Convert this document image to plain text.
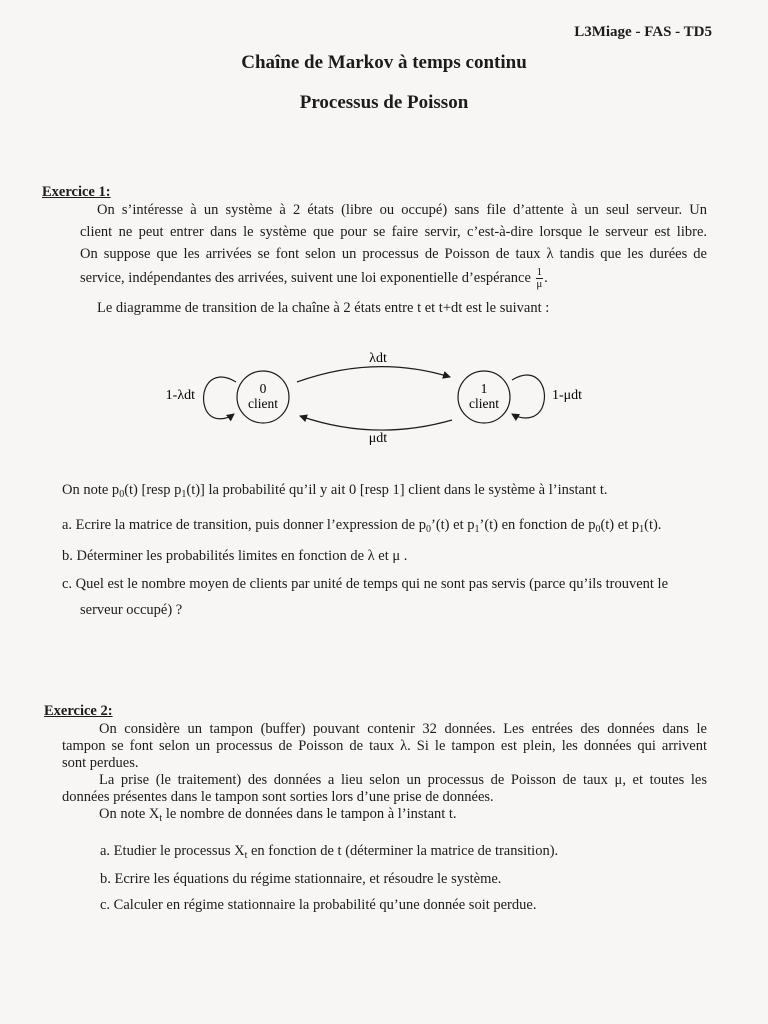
L3Miage - FAS - TD5
Chaîne de Markov à temps continu
Processus de Poisson
Exercice 1:
On s’intéresse à un système à 2 états (libre ou occupé) sans file d’attente à un seul serveur. Un
client ne peut entrer dans le système que pour se faire servir, c’est-à-dire lorsque le serveur est libre.
On suppose que les arrivées se font selon un processus de Poisson de taux λ tandis que les durées de
service, indépendantes des arrivées, suivent une loi exponentielle d’espérance $\frac{1}{\mu}$ .
Le diagramme de transition de la chaîne à 2 états entre t et t+dt est le suivant :
0
client
1
client
λdt
μdt
1-λdt	1-μdt
On note $p_0(t)$ [resp $p_1(t)$] la probabilité qu’il y ait 0 [resp 1] client dans le système à l’instant t.
a. Ecrire la matrice de transition, puis donner l’expression de $p_0’(t)$ et $p_1’(t)$ en fonction de $p_0(t)$ et $p_1(t)$.
b. Déterminer les probabilités limites en fonction de λ et μ .
c. Quel est le nombre moyen de clients par unité de temps qui ne sont pas servis (parce qu’ils trouvent le
serveur occupé) ?
Exercice 2:
On considère un tampon (buffer) pouvant contenir 32 données. Les entrées des données dans le
tampon se font selon un processus de Poisson de taux λ. Si le tampon est plein, les données qui arrivent
sont perdues.
La prise (le traitement) des données a lieu selon un processus de Poisson de taux μ, et toutes les
données présentes dans le tampon sont sorties lors d’une prise de données.
On note $X_t$ le nombre de données dans le tampon à l’instant t.
a. Etudier le processus $X_t$ en fonction de t (déterminer la matrice de transition).
b. Ecrire les équations du régime stationnaire, et résoudre le système.
c. Calculer en régime stationnaire la probabilité qu’une donnée soit perdue.
